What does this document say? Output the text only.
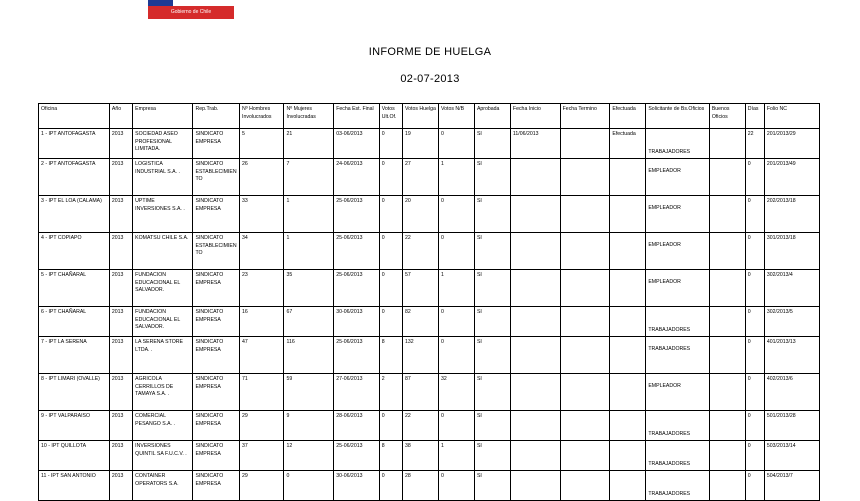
Gobierno de Chile
INFORME DE HUELGA
02-07-2013
Oficina	Año	Empresa	Rep.Trab.	Nº Hombres Involucrados	Nº Mujeres Involucradas	Fecha Est. Final	Votos Ult.Of.	Votos Huelga	Votos N/B	Aprobada	Fecha Inicio	Fecha Termino	Efectuada	Solicitante de Bs.Oficios	Buenos Oficios	Días	Folio NC
1 - IPT ANTOFAGASTA	2013	SOCIEDAD ASEO PROFESIONAL LIMITADA.	SINDICATO EMPRESA	5	21	03-06/2013	0	19	0	SI	11/06/2013		Efectuada	TRABAJADORES		22	201/2013/29
2 - IPT ANTOFAGASTA	2013	LOGISTICA INDUSTRIAL S.A. .	SINDICATO ESTABLECIMIENTO	26	7	24-06/2013	0	27	1	SI				EMPLEADOR		0	201/2013/49
3 - IPT EL LOA (CALAMA)	2013	UPTIME INVERSIONES S.A. .	SINDICATO EMPRESA	33	1	25-06/2013	0	20	0	SI				EMPLEADOR		0	202/2013/18
4 - IPT COPIAPO	2013	KOMATSU CHILE S.A.	SINDICATO ESTABLECIMIENTO	34	1	25-06/2013	0	22	0	SI				EMPLEADOR		0	301/2013/18
5 - IPT CHAÑARAL	2013	FUNDACION EDUCACIONAL EL SALVADOR.	SINDICATO EMPRESA	23	35	25-06/2013	0	57	1	SI				EMPLEADOR		0	302/2013/4
6 - IPT CHAÑARAL	2013	FUNDACION EDUCACIONAL EL SALVADOR.	SINDICATO EMPRESA	16	67	30-06/2013	0	82	0	SI				TRABAJADORES		0	302/2013/5
7 - IPT LA SERENA	2013	LA SERENA STORE LTDA. .	SINDICATO EMPRESA	47	116	25-06/2013	8	132	0	SI				TRABAJADORES		0	401/2013/13
8 - IPT LIMARI (OVALLE)	2013	AGRICOLA CERRILLOS DE TAMAYA S.A. .	SINDICATO EMPRESA	71	59	27-06/2013	2	87	32	SI				EMPLEADOR		0	402/2013/6
9 - IPT VALPARAISO	2013	COMERCIAL PESANGO S.A. .	SINDICATO EMPRESA	29	9	28-06/2013	0	22	0	SI				TRABAJADORES		0	501/2013/28
10 - IPT QUILLOTA	2013	INVERSIONES QUINTIL SA F.U.C.V. .	SINDICATO EMPRESA	37	12	25-06/2013	8	38	1	SI				TRABAJADORES		0	503/2013/14
11 - IPT SAN ANTONIO	2013	CONTAINER OPERATORS S.A.	SINDICATO EMPRESA	29	0	30-06/2013	0	28	0	SI				TRABAJADORES		0	504/2013/7
